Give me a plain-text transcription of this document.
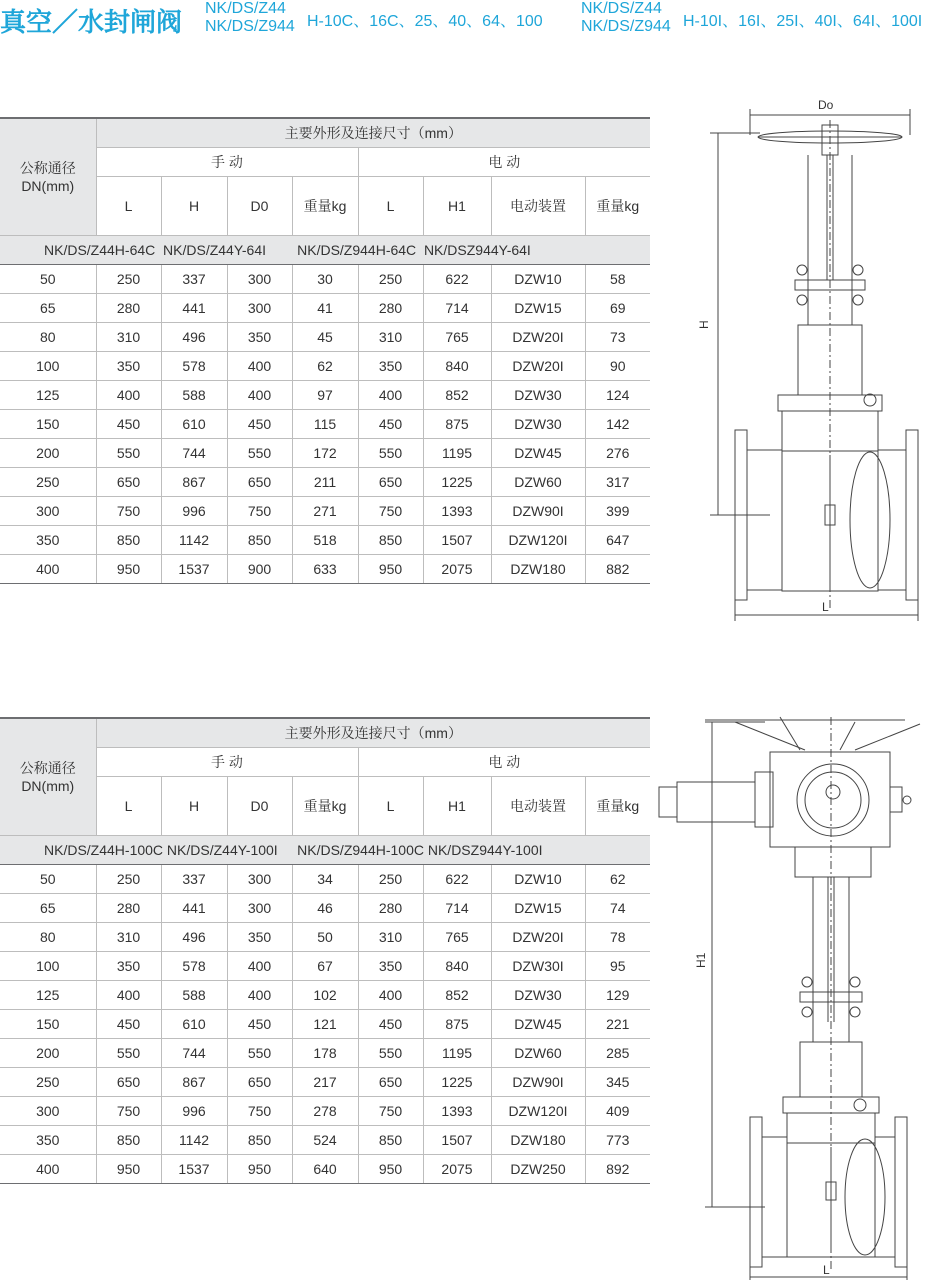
真空／水封闸阀 NK/DS/Z44
NK/DS/Z944 H-10C、16C、25、40、64、100
NK/DS/Z44
NK/DS/Z944 H-10I、16I、25I、40I、64I、100I
公称通径
DN(mm)	主要外形及连接尺寸（mm）							
	手 动				电 动			
	L	H	D0	重量kg	L	H1	电动装置	重量kg
NK/DS/Z44H-64C  NK/DS/Z44Y-64I        NK/DS/Z944H-64C  NK/DSZ944Y-64I								
50	250	337	300	30	250	622	DZW10	58
65	280	441	300	41	280	714	DZW15	69
80	310	496	350	45	310	765	DZW20I	73
100	350	578	400	62	350	840	DZW20I	90
125	400	588	400	97	400	852	DZW30	124
150	450	610	450	115	450	875	DZW30	142
200	550	744	550	172	550	1195	DZW45	276
250	650	867	650	211	650	1225	DZW60	317
300	750	996	750	271	750	1393	DZW90I	399
350	850	1142	850	518	850	1507	DZW120I	647
400	950	1537	900	633	950	2075	DZW180	882
公称通径
DN(mm)	主要外形及连接尺寸（mm）							
	手 动				电 动			
	L	H	D0	重量kg	L	H1	电动装置	重量kg
NK/DS/Z44H-100C NK/DS/Z44Y-100I     NK/DS/Z944H-100C NK/DSZ944Y-100I								
50	250	337	300	34	250	622	DZW10	62
65	280	441	300	46	280	714	DZW15	74
80	310	496	350	50	310	765	DZW20I	78
100	350	578	400	67	350	840	DZW30I	95
125	400	588	400	102	400	852	DZW30	129
150	450	610	450	121	450	875	DZW45	221
200	550	744	550	178	550	1195	DZW60	285
250	650	867	650	217	650	1225	DZW90I	345
300	750	996	750	278	750	1393	DZW120I	409
350	850	1142	850	524	850	1507	DZW180	773
400	950	1537	950	640	950	2075	DZW250	892
Do
H
L
H1
L
